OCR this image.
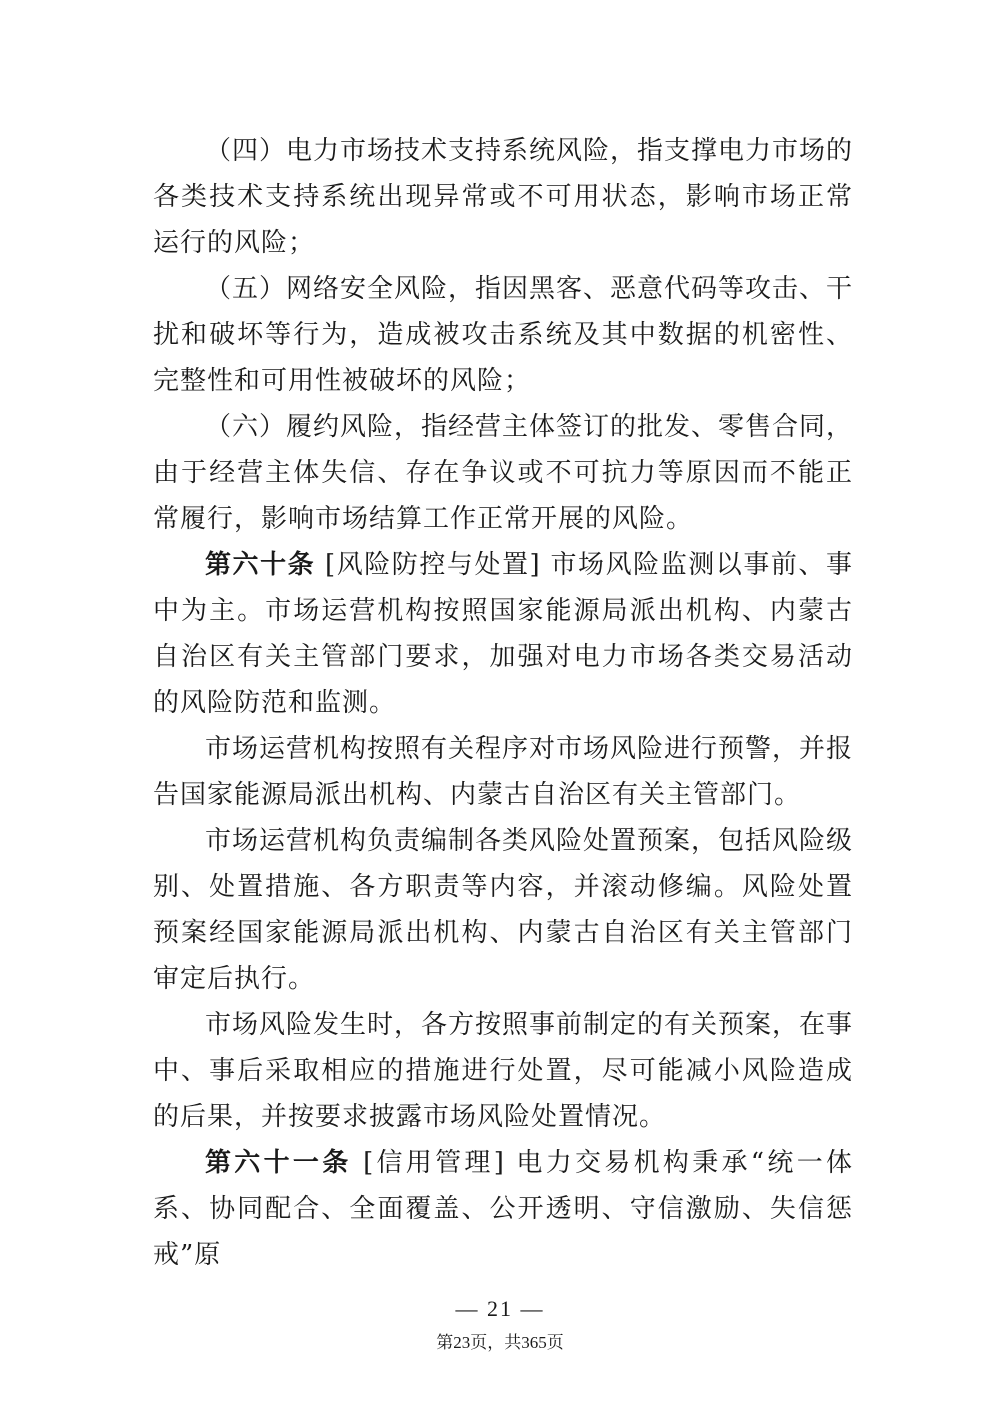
（四）电力市场技术支持系统风险，指支撑电力市场的各类技术支持系统出现异常或不可用状态，影响市场正常运行的风险；

（五）网络安全风险，指因黑客、恶意代码等攻击、干扰和破坏等行为，造成被攻击系统及其中数据的机密性、完整性和可用性被破坏的风险；

（六）履约风险，指经营主体签订的批发、零售合同，由于经营主体失信、存在争议或不可抗力等原因而不能正常履行，影响市场结算工作正常开展的风险。

第六十条 [风险防控与处置] 市场风险监测以事前、事中为主。市场运营机构按照国家能源局派出机构、内蒙古自治区有关主管部门要求，加强对电力市场各类交易活动的风险防范和监测。

市场运营机构按照有关程序对市场风险进行预警，并报告国家能源局派出机构、内蒙古自治区有关主管部门。

市场运营机构负责编制各类风险处置预案，包括风险级别、处置措施、各方职责等内容，并滚动修编。风险处置预案经国家能源局派出机构、内蒙古自治区有关主管部门审定后执行。

市场风险发生时，各方按照事前制定的有关预案，在事中、事后采取相应的措施进行处置，尽可能减小风险造成的后果，并按要求披露市场风险处置情况。

第六十一条 [信用管理] 电力交易机构秉承“统一体系、协同配合、全面覆盖、公开透明、守信激励、失信惩戒”原

— 21 —
第23页，共365页
